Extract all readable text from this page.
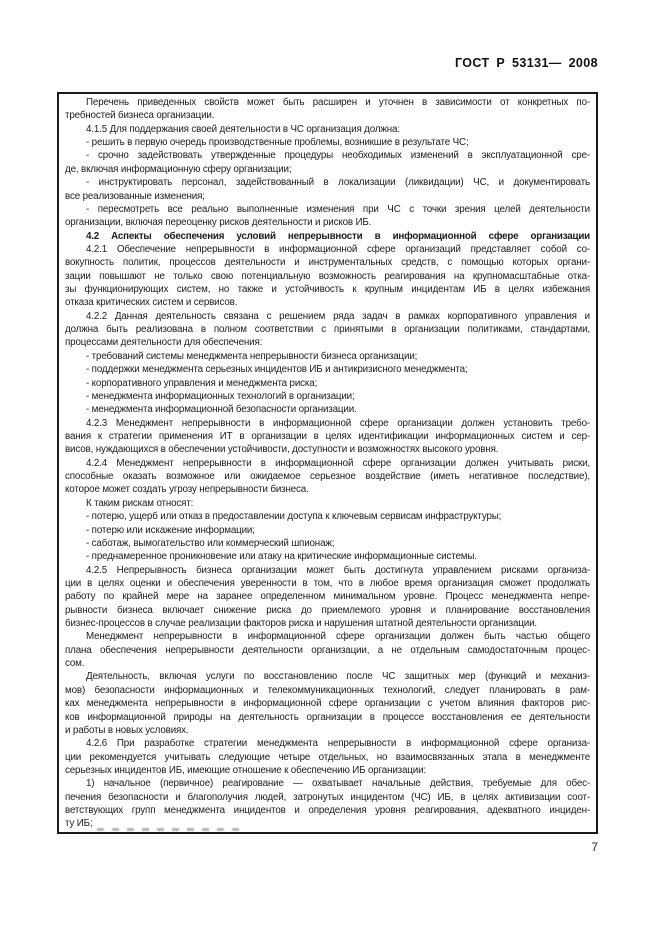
ГОСТ Р 53131— 2008
Перечень приведенных свойств может быть расширен и уточнен в зависимости от конкретных по-
требностей бизнеса организации.
4.1.5 Для поддержания своей деятельности в ЧС организация должна:
- решить в первую очередь производственные проблемы, возникшие в результате ЧС;
- срочно задействовать утвержденные процедуры необходимых изменений в эксплуатационной сре-
де, включая информационную сферу организации;
- инструктировать персонал, задействованный в локализации (ликвидации) ЧС, и документировать
все реализованные изменения;
- пересмотреть все реально выполненные изменения при ЧС с точки зрения целей деятельности
организации, включая переоценку рисков деятельности и рисков ИБ.
4.2 Аспекты обеспечения условий непрерывности в информационной сфере организации
4.2.1 Обеспечение непрерывности в информационной сфере организаций представляет собой со-
вокупность политик, процессов деятельности и инструментальных средств, с помощью которых органи-
зации повышают не только свою потенциальную возможность реагирования на крупномасштабные отка-
зы функционирующих систем, но также и устойчивость к крупным инцидентам ИБ в целях избежания
отказа критических систем и сервисов.
4.2.2 Данная деятельность связана с решением ряда задач в рамках корпоративного управления и
должна быть реализована в полном соответствии с принятыми в организации политиками, стандартами,
процессами деятельности для обеспечения:
- требований системы менеджмента непрерывности бизнеса организации;
- поддержки менеджмента серьезных инцидентов ИБ и антикризисного менеджмента;
- корпоративного управления и менеджмента риска;
- менеджмента информационных технологий в организации;
- менеджмента информационной безопасности организации.
4.2.3 Менеджмент непрерывности в информационной сфере организации должен установить требо-
вания к стратегии применения ИТ в организации в целях идентификации информационных систем и сер-
висов, нуждающихся в обеспечении устойчивости, доступности и возможностях высокого уровня.
4.2.4 Менеджмент непрерывности в информационной сфере организации должен учитывать риски,
способные оказать возможное или ожидаемое серьезное воздействие (иметь негативное последствие),
которое может создать угрозу непрерывности бизнеса.
К таким рискам относят:
- потерю, ущерб или отказ в предоставлении доступа к ключевым сервисам инфраструктуры;
- потерю или искажение информации;
- саботаж, вымогательство или коммерческий шпионаж;
- преднамеренное проникновение или атаку на критические информационные системы.
4.2.5 Непрерывность бизнеса организации может быть достигнута управлением рисками организа-
ции в целях оценки и обеспечения уверенности в том, что в любое время организация сможет продолжать
работу по крайней мере на заранее определенном минимальном уровне. Процесс менеджмента непре-
рывности бизнеса включает снижение риска до приемлемого уровня и планирование восстановления
бизнес-процессов в случае реализации факторов риска и нарушения штатной деятельности организации.
Менеджмент непрерывности в информационной сфере организации должен быть частью общего
плана обеспечения непрерывности деятельности организации, а не отдельным самодостаточным процес-
сом.
Деятельность, включая услуги по восстановлению после ЧС защитных мер (функций и механиз-
мов) безопасности информационных и телекоммуникационных технологий, следует планировать в рам-
ках менеджмента непрерывности в информационной сфере организации с учетом влияния факторов рис-
ков информационной природы на деятельность организации в процессе восстановления ее деятельности
и работы в новых условиях.
4.2.6 При разработке стратегии менеджмента непрерывности в информационной сфере организа-
ции рекомендуется учитывать следующие четыре отдельных, но взаимосвязанных этапа в менеджменте
серьезных инцидентов ИБ, имеющие отношение к обеспечению ИБ организации:
1) начальное (первичное) реагирование — охватывает начальные действия, требуемые для обес-
печения безопасности и благополучия людей, затронутых инцидентом (ЧС) ИБ, в целях активизации соот-
ветствующих групп менеджмента инцидентов и определения уровня реагирования, адекватного инциден-
ту ИБ;
7
